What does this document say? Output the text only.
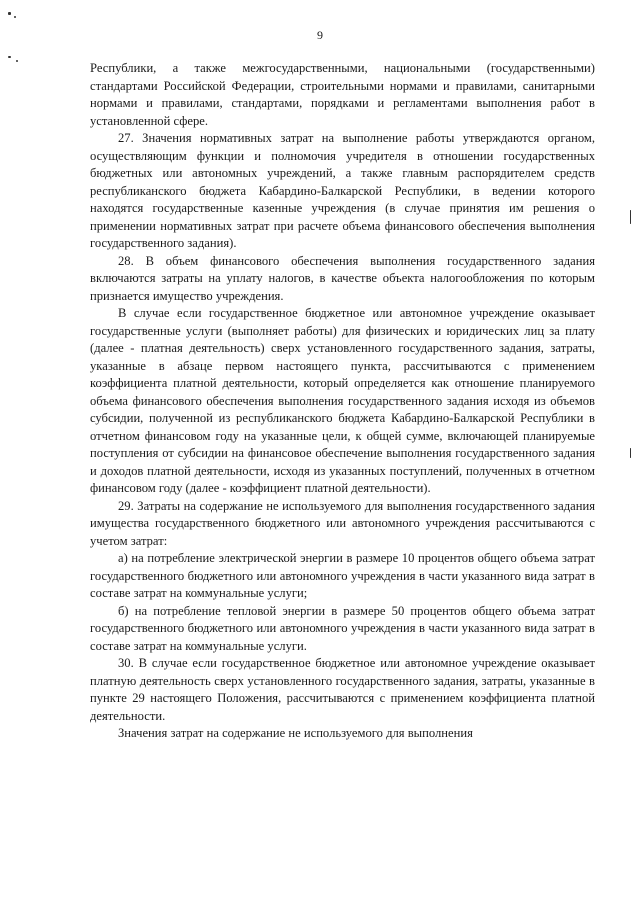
9

Республики, а также межгосударственными, национальными (государственными) стандартами Российской Федерации, строительными нормами и правилами, санитарными нормами и правилами, стандартами, порядками и регламентами выполнения работ в установленной сфере.

27. Значения нормативных затрат на выполнение работы утверждаются органом, осуществляющим функции и полномочия учредителя в отношении государственных бюджетных или автономных учреждений, а также главным распорядителем средств республиканского бюджета Кабардино-Балкарской Республики, в ведении которого находятся государственные казенные учреждения (в случае принятия им решения о применении нормативных затрат при расчете объема финансового обеспечения выполнения государственного задания).

28. В объем финансового обеспечения выполнения государственного задания включаются затраты на уплату налогов, в качестве объекта налогообложения по которым признается имущество учреждения.

В случае если государственное бюджетное или автономное учреждение оказывает государственные услуги (выполняет работы) для физических и юридических лиц за плату (далее - платная деятельность) сверх установленного государственного задания, затраты, указанные в абзаце первом настоящего пункта, рассчитываются с применением коэффициента платной деятельности, который определяется как отношение планируемого объема финансового обеспечения выполнения государственного задания исходя из объемов субсидии, полученной из республиканского бюджета Кабардино-Балкарской Республики в отчетном финансовом году на указанные цели, к общей сумме, включающей планируемые поступления от субсидии на финансовое обеспечение выполнения государственного задания и доходов платной деятельности, исходя из указанных поступлений, полученных в отчетном финансовом году (далее - коэффициент платной деятельности).

29. Затраты на содержание не используемого для выполнения государственного задания имущества государственного бюджетного или автономного учреждения рассчитываются с учетом затрат:

а) на потребление электрической энергии в размере 10 процентов общего объема затрат государственного бюджетного или автономного учреждения в части указанного вида затрат в составе затрат на коммунальные услуги;

б) на потребление тепловой энергии в размере 50 процентов общего объема затрат государственного бюджетного или автономного учреждения в части указанного вида затрат в составе затрат на коммунальные услуги.

30. В случае если государственное бюджетное или автономное учреждение оказывает платную деятельность сверх установленного государственного задания, затраты, указанные в пункте 29 настоящего Положения, рассчитываются с применением коэффициента платной деятельности.

Значения затрат на содержание не используемого для выполнения
